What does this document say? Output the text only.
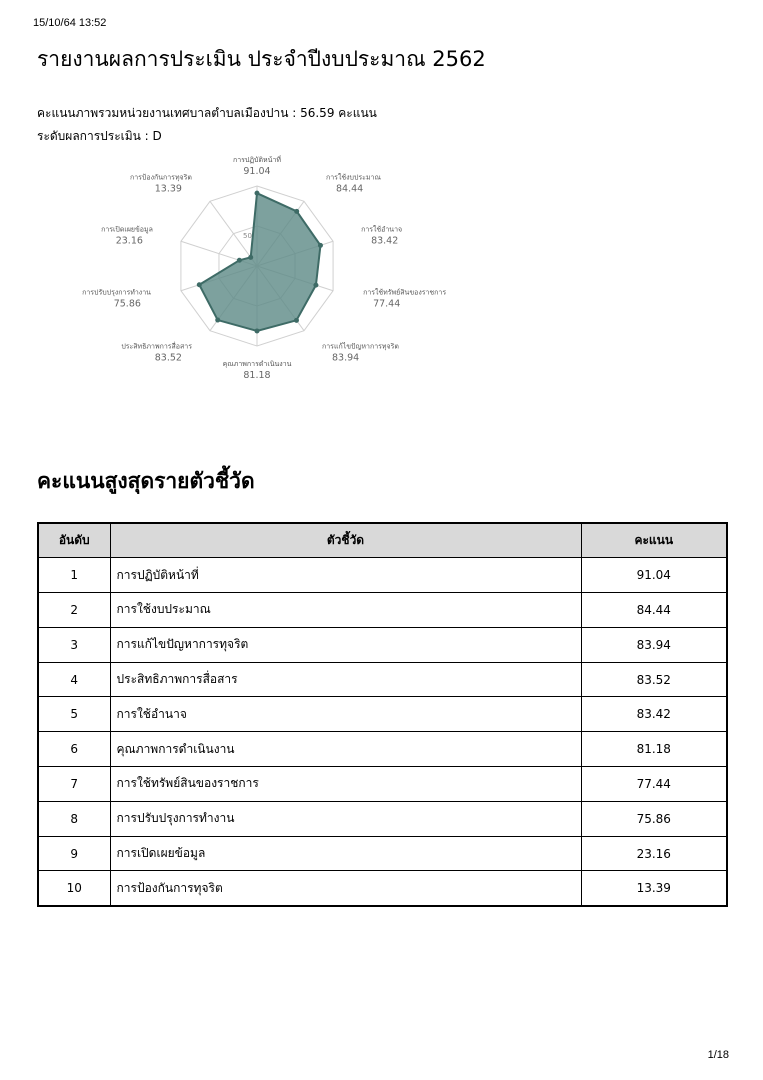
15/10/64 13:52
รายงานผลการประเมิน ประจำปีงบประมาณ 2562
คะแนนภาพรวมหน่วยงานเทศบาลตำบลเมืองปาน : 56.59 คะแนน
ระดับผลการประเมิน : D
50
การปฏิบัติหน้าที่
91.04
การใช้งบประมาณ
84.44
การใช้อำนาจ
83.42
การใช้ทรัพย์สินของราชการ
77.44
การแก้ไขปัญหาการทุจริต
83.94
คุณภาพการดำเนินงาน
81.18
ประสิทธิภาพการสื่อสาร
83.52
การปรับปรุงการทำงาน
75.86
การเปิดเผยข้อมูล
23.16
การป้องกันการทุจริต
13.39
คะแนนสูงสุดรายตัวชี้วัด
อันดับ	ตัวชี้วัด	คะแนน
1	การปฏิบัติหน้าที่	91.04
2	การใช้งบประมาณ	84.44
3	การแก้ไขปัญหาการทุจริต	83.94
4	ประสิทธิภาพการสื่อสาร	83.52
5	การใช้อำนาจ	83.42
6	คุณภาพการดำเนินงาน	81.18
7	การใช้ทรัพย์สินของราชการ	77.44
8	การปรับปรุงการทำงาน	75.86
9	การเปิดเผยข้อมูล	23.16
10	การป้องกันการทุจริต	13.39
1/18
